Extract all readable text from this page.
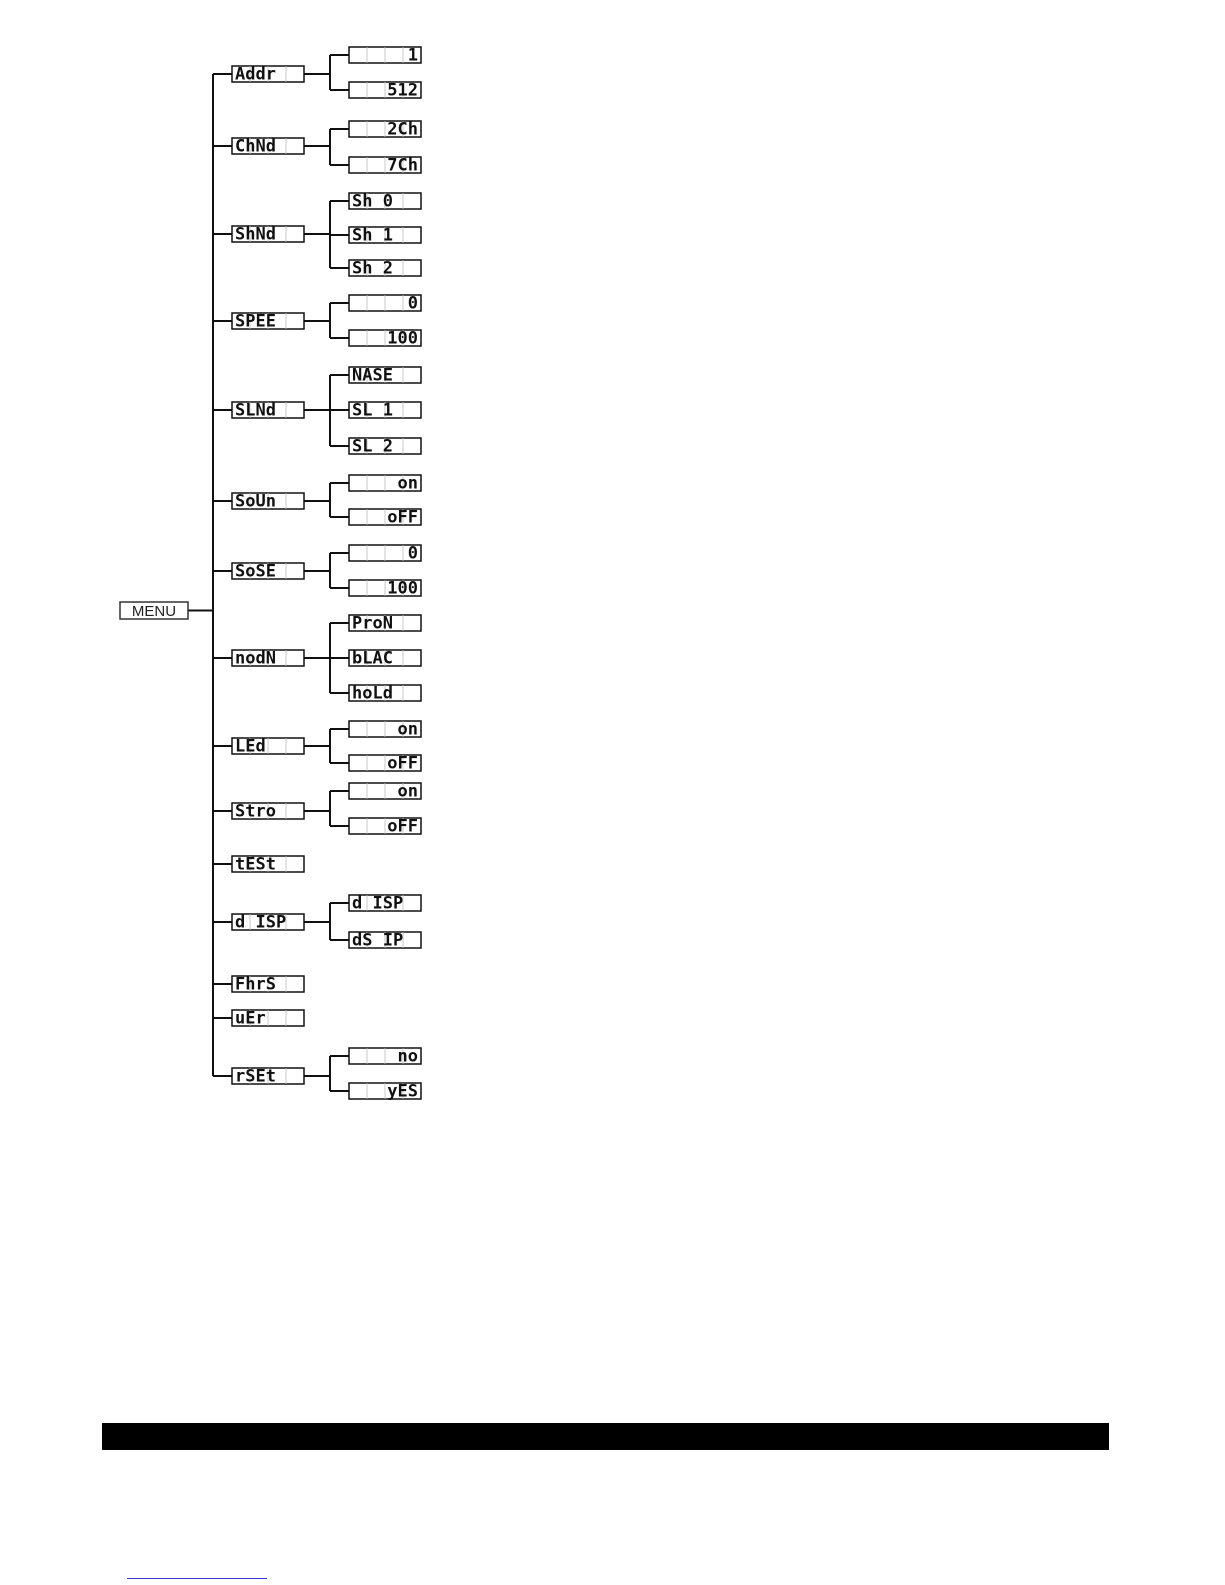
MENU
Addr
1
512
ChNd
2Ch
7Ch
ShNd
Sh 0
Sh 1
Sh 2
SPEE
0
100
SLNd
NASE
SL 1
SL 2
SoUn
on
oFF
SoSE
0
100
nodN
ProN
bLAC
hoLd
LEd
on
oFF
Stro
on
oFF
tESt
d ISP
d ISP
dS IP
FhrS
uEr
rSEt
no
yES
